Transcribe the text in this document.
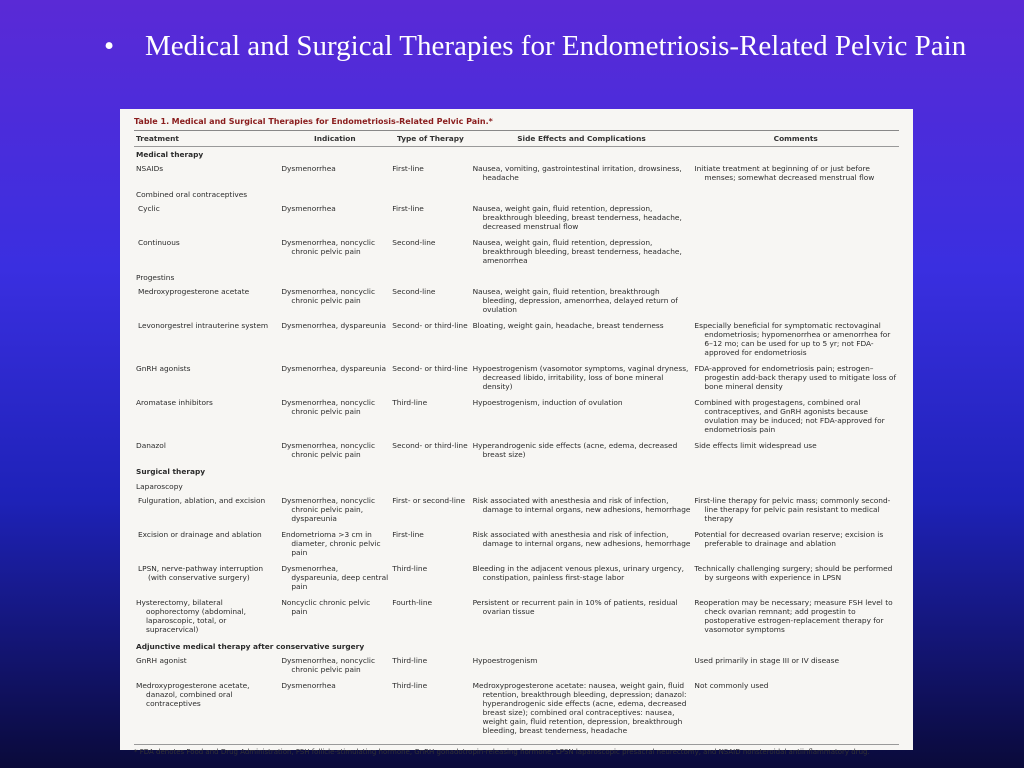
• Medical and Surgical Therapies for Endometriosis-Related Pelvic Pain
Table 1. Medical and Surgical Therapies for Endometriosis-Related Pelvic Pain.*
Treatment	Indication	Type of Therapy	Side Effects and Complications	Comments
Medical therapy				

NSAIDs	Dysmenorrhea	First-line	Nausea, vomiting, gastrointestinal irritation, drowsiness, headache	Initiate treatment at beginning of or just before menses; somewhat decreased menstrual flow

Combined oral contraceptives				

Cyclic	Dysmenorrhea	First-line	Nausea, weight gain, fluid retention, depression, breakthrough bleeding, breast tenderness, headache, decreased menstrual flow	

Continuous	Dysmenorrhea, noncyclic chronic pelvic pain	Second-line	Nausea, weight gain, fluid retention, depression, breakthrough bleeding, breast tenderness, headache, amenorrhea	

Progestins				

Medroxyprogesterone acetate	Dysmenorrhea, noncyclic chronic pelvic pain	Second-line	Nausea, weight gain, fluid retention, breakthrough bleeding, depression, amenorrhea, delayed return of ovulation	

Levonorgestrel intrauterine system	Dysmenorrhea, dyspareunia	Second- or third-line	Bloating, weight gain, headache, breast tenderness	Especially beneficial for symptomatic rectovaginal endometriosis; hypomenorrhea or amenorrhea for 6–12 mo; can be used for up to 5 yr; not FDA-approved for endometriosis

GnRH agonists	Dysmenorrhea, dyspareunia	Second- or third-line	Hypoestrogenism (vasomotor symptoms, vaginal dryness, decreased libido, irritability, loss of bone mineral density)	FDA-approved for endometriosis pain; estrogen–progestin add-back therapy used to mitigate loss of bone mineral density

Aromatase inhibitors	Dysmenorrhea, noncyclic chronic pelvic pain	Third-line	Hypoestrogenism, induction of ovulation	Combined with progestagens, combined oral contraceptives, and GnRH agonists because ovulation may be induced; not FDA-approved for endometriosis pain

Danazol	Dysmenorrhea, noncyclic chronic pelvic pain	Second- or third-line	Hyperandrogenic side effects (acne, edema, decreased breast size)	Side effects limit widespread use

Surgical therapy				
Laparoscopy				

Fulguration, ablation, and excision	Dysmenorrhea, noncyclic chronic pelvic pain, dyspareunia	First- or second-line	Risk associated with anesthesia and risk of infection, damage to internal organs, new adhesions, hemorrhage	First-line therapy for pelvic mass; commonly second-line therapy for pelvic pain resistant to medical therapy

Excision or drainage and ablation	Endometrioma >3 cm in diameter, chronic pelvic pain	First-line	Risk associated with anesthesia and risk of infection, damage to internal organs, new adhesions, hemorrhage	Potential for decreased ovarian reserve; excision is preferable to drainage and ablation

LPSN, nerve-pathway interruption (with conservative surgery)	Dysmenorrhea, dyspareunia, deep central pain	Third-line	Bleeding in the adjacent venous plexus, urinary urgency, constipation, painless first-stage labor	Technically challenging surgery; should be performed by surgeons with experience in LPSN

Hysterectomy, bilateral oophorectomy (abdominal, laparoscopic, total, or supracervical)	Noncyclic chronic pelvic pain	Fourth-line	Persistent or recurrent pain in 10% of patients, residual ovarian tissue	Reoperation may be necessary; measure FSH level to check ovarian remnant; add progestin to postoperative estrogen-replacement therapy for vasomotor symptoms

Adjunctive medical therapy after conservative surgery				

GnRH agonist	Dysmenorrhea, noncyclic chronic pelvic pain	Third-line	Hypoestrogenism	Used primarily in stage III or IV disease

Medroxyprogesterone acetate, danazol, combined oral contraceptives	Dysmenorrhea	Third-line	Medroxyprogesterone acetate: nausea, weight gain, fluid retention, breakthrough bleeding, depression; danazol: hyperandrogenic side effects (acne, edema, decreased breast size); combined oral contraceptives: nausea, weight gain, fluid retention, depression, breakthrough bleeding, breast tenderness, headache	Not commonly used
* FDA denotes Food and Drug Administration, FSH follicle-stimulating hormone, GnRH gonadotropin-releasing hormone, LPSN laparoscopic presacral neurectomy, and NSAID nonsteroidal antiinflammatory drug.
